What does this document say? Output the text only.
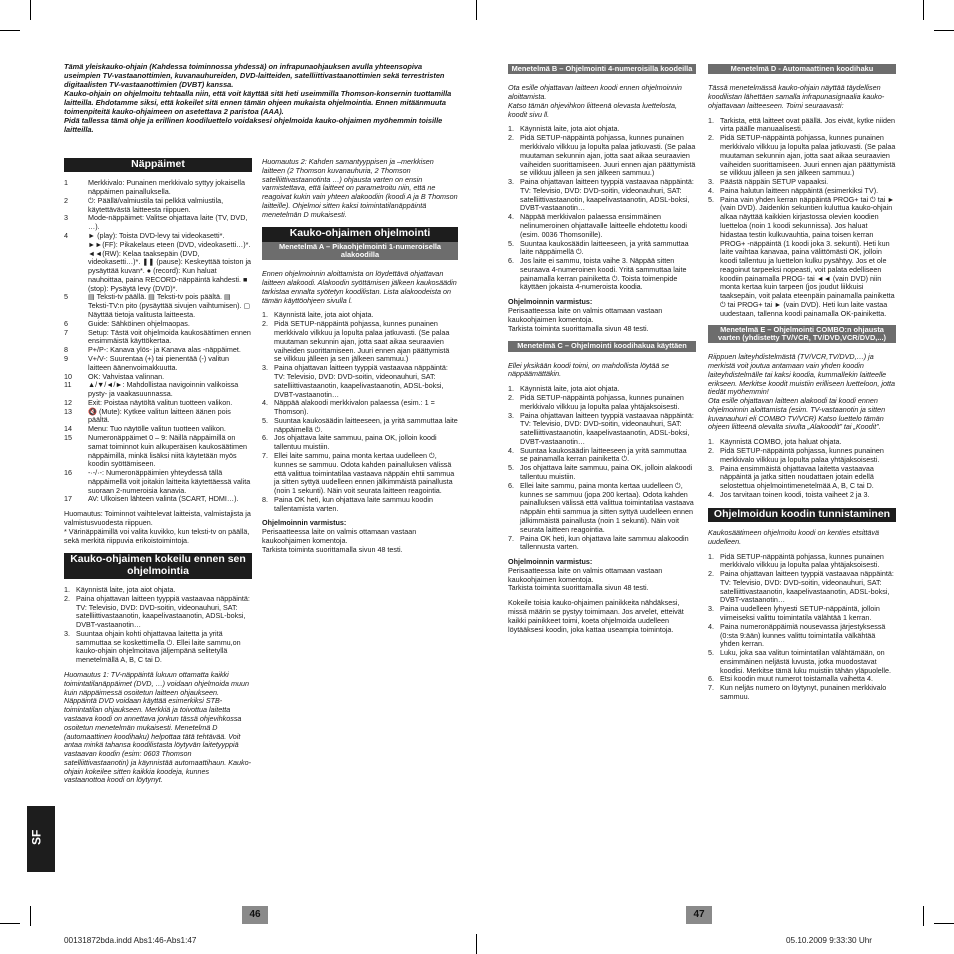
Tämä yleiskauko-ohjain (Kahdessa toiminnossa yhdessä) on infrapunaohjauksen avulla yhteensopiva useimpien TV-vastaanottimien, kuvanauhureiden, DVD-laitteiden, satelliittivastaanottimien sekä terrestristen digitaalisten TV-vastaanottimien (DVBT) kanssa.

Kauko-ohjain on ohjelmoitu tehtaalla niin, että voit käyttää sitä heti useimmilla Thomson-konsernin tuottamilla laitteilla. Ehdotamme siksi, että kokeilet sitä ennen tämän ohjeen mukaista ohjelmointia. Ennen mitäänmuuta toimenpiteitä kauko-ohjaimeen on asetettava 2 paristoa (AAA).

Pidä tallessa tämä ohje ja erillinen koodiluettelo voidaksesi ohjelmoida kauko-ohjaimen myöhemmin toisille laitteilla.

Näppäimet
1	Merkkivalo: Punainen merkkivalo syttyy jokaisella näppäimen painalluksella.
2	⏻: Päällä/valmiustila tai pelkkä valmiustila, käytettävästä laitteesta riippuen.
3	Mode-näppäimet: Valitse ohjattava laite (TV, DVD, …).
4	► (play): Toista DVD-levy tai videokasetti*. ►►(FF): Pikakelaus eteen (DVD, videokasetti…)*. ◄◄(RW): Kelaa taaksepäin (DVD, videokasetti…)*. ❚❚ (pause): Keskeyttää toiston ja pysäyttää kuvan*. ● (record): Kun haluat nauhoittaa, paina RECORD-näppäintä kahdesti. ■ (stop): Pysäytä levy (DVD)*.
5	▤ Teksti-tv päällä. ▤ Teksti-tv pois päältä. ▤ Teksti-TV:n pito (pysäyttää sivujen vaihtumisen). ▢ Näyttää tietoja valitusta laitteesta.
6	Guide: Sähköinen ohjelmaopas.
7	Setup: Tästä voit ohjelmoida kaukosäätimen ennen ensimmäistä käyttökertaa.
8	P+/P-: Kanava ylös- ja Kanava alas -näppäimet.
9	V+/V-: Suurentaa (+) tai pienentää (-) valitun laitteen äänenvoimakkuutta.
10 OK: Vahvistaa valinnan.
11 ▲/▼/◄/►: Mahdollistaa navigoinnin valikoissa pysty- ja vaakasuunnassa.
12 Exit: Poistaa näytöltä valitun tuotteen valikon.
13 🔇 (Mute): Kytkee valitun laitteen äänen pois päältä.
14 Menu: Tuo näytölle valitun tuotteen valikon.
15 Numeronäppäimet 0 – 9: Näillä näppäimillä on samat toiminnot kuin alkuperäisen kaukosäätimen näppäimillä, minkä lisäksi niitä käytetään myös koodin syöttämiseen.
16 -·-/·-: Numeronäppäimien yhteydessä tällä näppäimellä voit joitakin laitteita käytettäessä valita suoraan 2-numeroisia kanavia.
17 AV: Ulkoisen lähteen valinta (SCART, HDMI…).

Huomautus: Toiminnot vaihtelevat laitteista, valmistajista ja valmistusvuodesta riippuen.
* Värinäppäimillä voi valita kuvikko, kun teksti-tv on päällä, sekä merkitä riippuvia erikoistoimintoja.

Kauko-ohjaimen kokeilu ennen sen ohjelmointia
1. Käynnistä laite, jota aiot ohjata.
2. Paina ohjattavan laitteen tyyppiä vastaavaa näppäintä: TV: Televisio, DVD: DVD-soitin, videonauhuri, SAT: satelliittivastaanotin, kaapelivastaanotin, ADSL-boksi, DVBT-vastaanotin…
3. Suuntaa ohjain kohti ohjattavaa laitetta ja yritä sammuttaa se koskettimella ⏻. Ellei laite sammu,on kauko-ohjain ohjelmoitava jäljempänä selitetyllä menetelmällä A, B, C tai D.

Huomautus 1: TV-näppäintä lukuun ottamatta kaikki toimintatilanäppäimet (DVD, …) voidaan ohjelmoida muun kuin näppäimessä osoitetun laitteen ohjaukseen. Näppäintä DVD voidaan käyttää esimerkiksi STB-toimintatilan ohjaukseen. Merkkiä ja toivottua laitetta vastaava koodi on annettava jonkun tässä ohjevihkossa osoitetun menetelmän mukaisesti. Menetelmä D (automaattinen koodihaku) helpottaa tätä tehtävää. Voit antaa minkä tahansa koodilistasta löytyvän laitetyyppiä vastaavan koodin (esim: 0603 Thomson satelliittivastaanotin) ja käynnistää automaattihaun. Kauko-ohjain kokeilee sitten kaikkia koodeja, kunnes vastaanottoa koodi on löytynyt.

Huomautus 2: Kahden samantyyppisen ja –merkkisen laitteen (2 Thomson kuvanauhuria, 2 Thomson satelliittivastaanotinta …) ohjausta varten on ensin varmistettava, että laitteet on parametroitu niin, että ne reagoivat kukin vain yhteen alakoodiin (koodi A ja B Thomson laitteille). Ohjelmoi sitten kaksi toimintatilanäppäintä menetelmän D mukaisesti.

Kauko-ohjaimen ohjelmointi
Menetelmä A – Pikaohjelmointi 1-numeroisella alakoodilla

Ennen ohjelmoinnin aloittamista on löydettävä ohjattavan laitteen alakoodi. Alakoodin syöttämisen jälkeen kaukosäädin tarkistaa ennalta syötetyn koodilistan. Lista alakoodeista on tämän käyttöohjeen sivulla l.

1. Käynnistä laite, jota aiot ohjata.
2. Pidä SETUP-näppäintä pohjassa, kunnes punainen merkkivalo vilkkuu ja lopulta palaa jatkuvasti. (Se palaa muutaman sekunnin ajan, jotta saat aikaa seuraavien vaiheiden suorittamiseen. Juuri ennen ajan päättymistä se vilkkuu jälleen ja sen jälkeen sammuu.)
3. Paina ohjattavan laitteen tyyppiä vastaavaa näppäintä: TV: Televisio, DVD: DVD-soitin, videonauhuri, SAT: satelliittivastaanotin, kaapelivastaanotin, ADSL-boksi, DVBT-vastaanotin…
4. Näppää alakoodi merkkivalon palaessa (esim.: 1 = Thomson).
5. Suuntaa kaukosäädin laitteeseen, ja yritä sammuttaa laite näppäimellä ⏻.
6. Jos ohjattava laite sammuu, paina OK, jolloin koodi tallentuu muistiin.
7. Ellei laite sammu, paina monta kertaa uudelleen ⏻, kunnes se sammuu. Odota kahden painalluksen välissä että valittua toimintatilaa vastaava näppäin ehtii sammua ja sitten syttyä uudelleen ennen jälkimmäistä painallusta (noin 1 sekunti). Näin voit seurata laitteen reagointia.
8. Paina OK heti, kun ohjattava laite sammuu koodin tallentamista varten.

Ohjelmoinnin varmistus:

Perisaatteessa laite on valmis ottamaan vastaan kaukoohjaimen komentoja.
Tarkista toiminta suorittamalla sivun 48 testi.

Menetelmä B – Ohjelmointi 4-numeroisilla koodeilla

Ota esille ohjattavan laitteen koodi ennen ohjelmoinnin aloittamista.
Katso tämän ohjevihkon liitteenä olevasta luettelosta, koodit sivu ll.

1. Käynnistä laite, jota aiot ohjata.
2. Pidä SETUP-näppäintä pohjassa, kunnes punainen merkkivalo vilkkuu ja lopulta palaa jatkuvasti. (Se palaa muutaman sekunnin ajan, jotta saat aikaa seuraavien vaiheiden suorittamiseen. Juuri ennen ajan päättymistä se vilkkuu jälleen ja sen jälkeen sammuu.)
3. Paina ohjattavan laitteen tyyppiä vastaavaa näppäintä: TV: Televisio, DVD: DVD-soitin, videonauhuri, SAT: satelliittivastaanotin, kaapelivastaanotin, ADSL-boksi, DVBT-vastaanotin…
4. Näppää merkkivalon palaessa ensimmäinen nelinumeroinen ohjattavalle laitteelle ehdotettu koodi (esim. 0036 Thomsonille).
5. Suuntaa kaukosäädin laitteeseen, ja yritä sammuttaa laite näppäimellä ⏻.
6. Jos laite ei sammu, toista vaihe 3. Näppää sitten seuraava 4-numeroinen koodi. Yritä sammuttaa laite painamalla kerran painiketta ⏻. Toista toimenpide käyttäen jokaista 4-numeroista koodia.

Ohjelmoinnin varmistus:

Perisaatteessa laite on valmis ottamaan vastaan kaukoohjaimen komentoja.
Tarkista toiminta suorittamalla sivun 48 testi.

Menetelmä C – Ohjelmointi koodihakua käyttäen

Ellei yksikään koodi toimi, on mahdollista löytää se näppäämättäkin.

1. Käynnistä laite, jota aiot ohjata.
2. Pidä SETUP-näppäintä pohjassa, kunnes punainen merkkivalo vilkkuu ja lopulta palaa yhtäjaksoisesti.
3. Paina ohjattavan laitteen tyyppiä vastaavaa näppäintä: TV: Televisio, DVD: DVD-soitin, videonauhuri, SAT: satelliittivastaanotin, kaapelivastaanotin, ADSL-boksi, DVBT-vastaanotin…
4. Suuntaa kaukosäädin laitteeseen ja yritä sammuttaa se painamalla kerran painiketta ⏻.
5. Jos ohjattava laite sammuu, paina OK, jolloin alakoodi tallentuu muistiin.
6. Ellei laite sammu, paina monta kertaa uudelleen ⏻, kunnes se sammuu (jopa 200 kertaa). Odota kahden painalluksen välissä että valittua toimintatilaa vastaava näppäin ehtii sammua ja sitten syttyä uudelleen ennen jälkimmäistä painallusta (noin 1 sekunti). Näin voit seurata laitteen reagointia.
7. Paina OK heti, kun ohjattava laite sammuu alakoodin tallennusta varten.

Ohjelmoinnin varmistus:

Perisaatteessa laite on valmis ottamaan vastaan kaukoohjaimen komentoja.
Tarkista toiminta suorittamalla sivun 48 testi.

Kokeile toisia kauko-ohjaimen painikkeita nähdäksesi, missä määrin se pystyy toimimaan. Jos arvelet, etteivät kaikki painikkeet toimi, koeta ohjelmoida uudelleen löytääksesi koodin, joka kattaa useampia toimintoja.

Menetelmä D - Automaattinen koodihaku

Tässä menetelmässä kauko-ohjain näyttää täydellisen koodilistan lähettäen samalla infrapunasignaalia kauko-ohjattavaan laitteeseen. Toimi seuraavasti:

1. Tarkista, että laitteet ovat päällä. Jos eivät, kytke niiden virta päälle manuaalisesti.
2. Pidä SETUP-näppäintä pohjassa, kunnes punainen merkkivalo vilkkuu ja lopulta palaa jatkuvasti. (Se palaa muutaman sekunnin ajan, jotta saat aikaa seuraavien vaiheiden suorittamiseen. Juuri ennen ajan päättymistä se vilkkuu jälleen ja sen jälkeen sammuu.)
3. Päästä näppäin SETUP vapaaksi.
4. Paina halutun laitteen näppäintä (esimerkiksi TV).
5. Paina vain yhden kerran näppäintä PROG+ tai ⏻ tai ► (vain DVD). Jaidenkin sekuntien kuluttua kauko-ohjain alkaa näyttää kaikkien kirjastossa olevien koodien luetteloa (noin 1 koodi sekunnissa). Jos haluat hidastaa testin kulkuvauhtia, paina toisen kerran PROG+ -näppäintä (1 koodi joka 3. sekunti). Heti kun laite vaihtaa kanavaa, paina välittömästi OK, jolloin koodi tallentuu ja luettelon kulku pysähtyy. Jos et ole reagoinut tarpeeksi nopeasti, voit palata edelliseen koodiin painamalla PROG- tai ◄◄ (vain DVD) niin monta kertaa kuin tarpeen (jos joudut liikkuisi taaksepäin, voit palata eteenpäin painamalla painiketta ⏻ tai PROG+ tai ► (vain DVD). Heti kun laite vastaa uudestaan, tallenna koodi painamalla OK-painiketta.
Menetelmä E – Ohjelmointi COMBO:n ohjausta varten (yhdistetty TV/VCR, TV/DVD,VCR/DVD,...)

Riippuen laiteyhdistelmästä (TV/VCR,TV/DVD,…) ja merkistä voit joutua antamaan vain yhden koodin laiteyhdistelmälle tai kaksi koodia, kummallekin laitteelle erikseen. Merkitse koodit muistiin erilliseen luetteloon, jotta tiedät myöhemmin!
Ota esille ohjattavan laitteen alakoodi tai koodi ennen ohjelmoinnin aloittamista (esim. TV-vastaanotin ja sitten kuvanauhuri eli COMBO TV/VCR) Katso luettelo tämän ohjeen liitteenä olevalta sivulta „Alakoodit” tai „Koodit”.

1. Käynnistä COMBO, jota haluat ohjata.
2. Pidä SETUP-näppäintä pohjassa, kunnes punainen merkkivalo vilkkuu ja lopulta palaa yhtäjaksoisesti.
3. Paina ensimmäistä ohjattavaa laitetta vastaavaa näppäintä ja jatka sitten noudattaen jotain edellä selostettua ohjelmointimenetelmää A, B, C tai D.
4. Jos tarvitaan toinen koodi, toista vaiheet 2 ja 3.
Ohjelmoidun koodin tunnistaminen

Kaukosäätimeen ohjelmoitu koodi on kenties etsittävä uudelleen.

1. Pidä SETUP-näppäintä pohjassa, kunnes punainen merkkivalo vilkkuu ja lopulta palaa yhtäjaksoisesti.
2. Paina ohjattavan laitteen tyyppiä vastaavaa näppäintä: TV: Televisio, DVD: DVD-soitin, videonauhuri, SAT: satelliittivastaanotin, kaapelivastaanotin, ADSL-boksi, DVBT-vastaanotin…
3. Paina uudelleen lyhyesti SETUP-näppäintä, jolloin viimeiseksi valittu toimintatila välähtää 1 kerran.
4. Paina numeronäppäimiä nousevassa järjestyksessä (0:sta 9:ään) kunnes valittu toimintatila välkähtää yhden kerran.
5. Luku, joka saa valitun toimintatilan välähtämään, on ensimmäinen neljästä luvusta, jotka muodostavat koodisi. Merkitse tämä luku muistiin tähän yläpuolelle.
6. Etsi koodin muut numerot toistamalla vaihetta 4.
7. Kun neljäs numero on löytynyt, punainen merkkivalo sammuu.
SF
46	47
00131872bda.indd Abs1:46-Abs1:47	05.10.2009 9:33:30 Uhr
